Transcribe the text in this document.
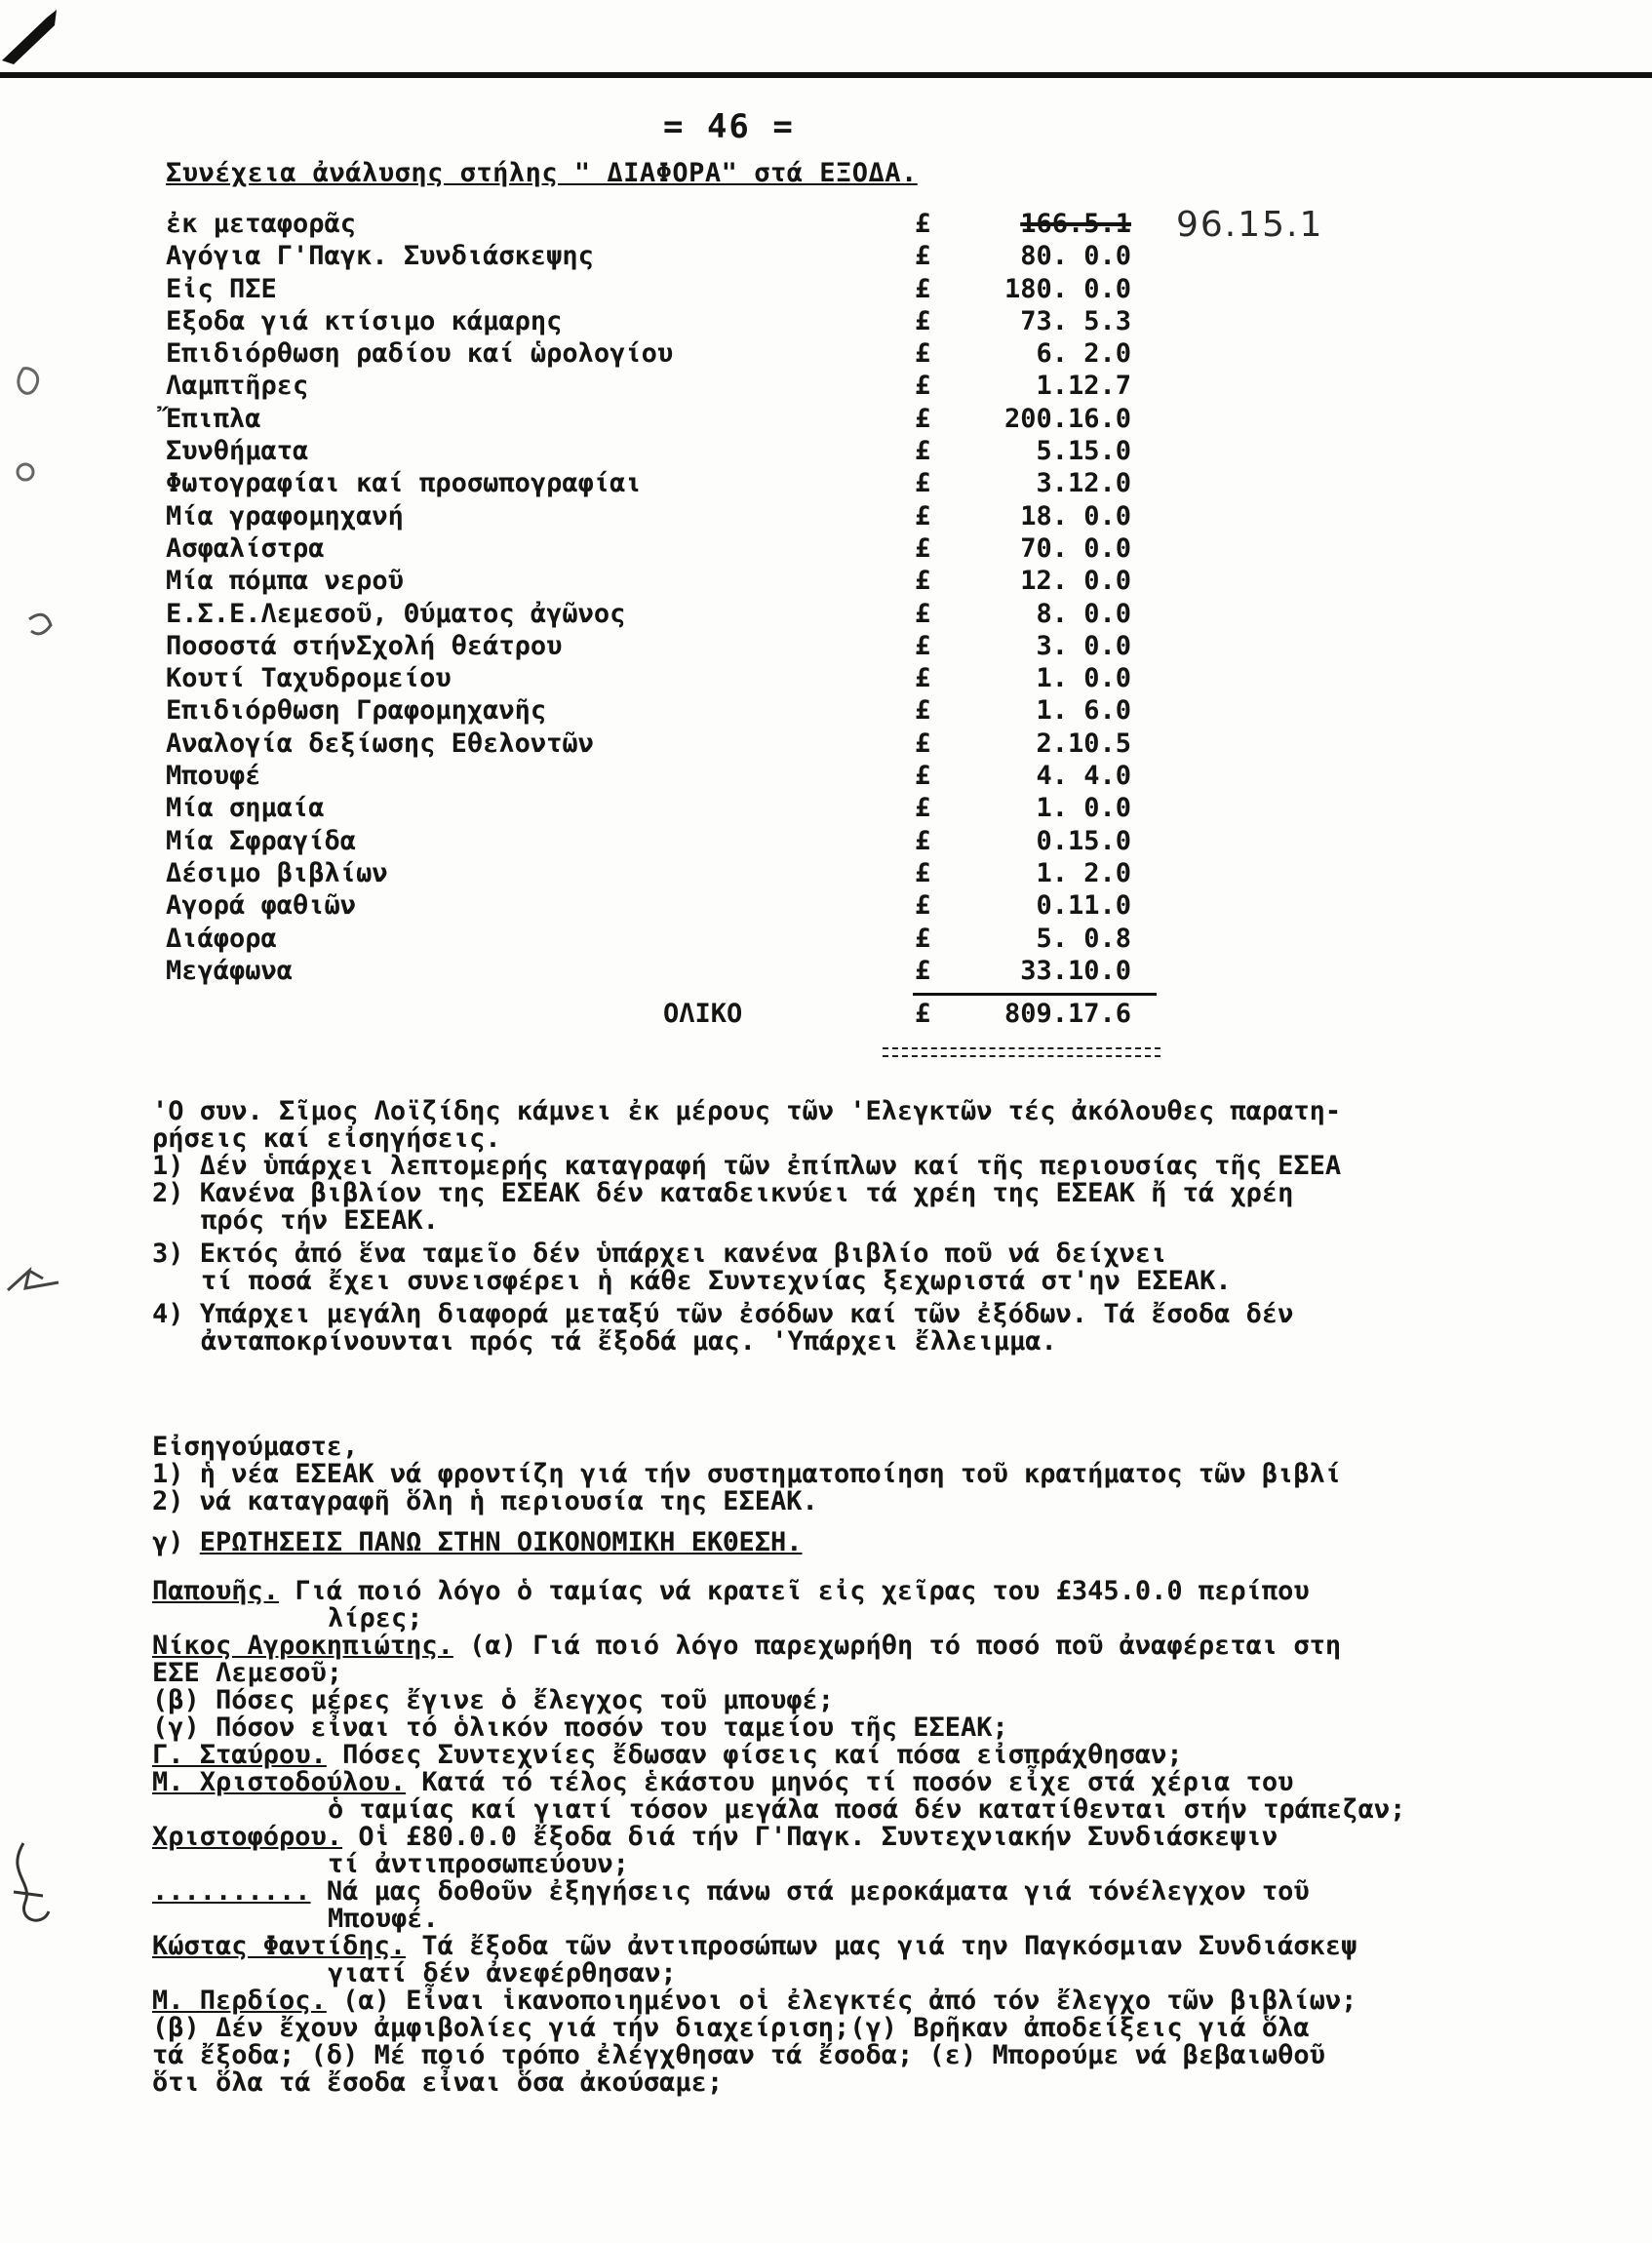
= 46 =
Συνέχεια ἀνάλυσης στήλης " ΔΙΑΦΟΡΑ" στά ΕΞΟΔΑ.
96.15.1
ἐκ μεταφορᾶς	£	166.5.1
Αγόγια Γ'Παγκ. Συνδιάσκεψης	£	80. 0.0
Εἰς ΠΣΕ	£	180. 0.0
Εξοδα γιά κτίσιμο κάμαρης	£	73. 5.3
Επιδιόρθωση ραδίου καί ὡρολογίου	£	6. 2.0
Λαμπτῆρες	£	1.12.7
Ἔπιπλα	£	200.16.0
Συνθήματα	£	5.15.0
Φωτογραφίαι καί προσωπογραφίαι	£	3.12.0
Μία γραφομηχανή	£	18. 0.0
Ασφαλίστρα	£	70. 0.0
Μία πόμπα νεροῦ	£	12. 0.0
Ε.Σ.Ε.Λεμεσοῦ, Θύματος ἀγῶνος	£	8. 0.0
Ποσοστά στήνΣχολή θεάτρου	£	3. 0.0
Κουτί Ταχυδρομείου	£	1. 0.0
Επιδιόρθωση Γραφομηχανῆς	£	1. 6.0
Αναλογία δεξίωσης Εθελοντῶν	£	2.10.5
Μπουφέ	£	4. 4.0
Μία σημαία	£	1. 0.0
Μία Σφραγίδα	£	0.15.0
Δέσιμο βιβλίων	£	1. 2.0
Αγορά φαθιῶν	£	0.11.0
Διάφορα	£	5. 0.8
Μεγάφωνα	£	33.10.0
ΟΛΙΚΟ	£	809.17.6
'Ο συν. Σῖμος Λοϊζίδης κάμνει ἐκ μέρους τῶν 'Ελεγκτῶν τές ἀκόλουθες παρατη-
ρήσεις καί εἰσηγήσεις.
1) Δέν ὑπάρχει λεπτομερής καταγραφή τῶν ἐπίπλων καί τῆς περιουσίας τῆς ΕΣΕΑ
2) Κανένα βιβλίον της ΕΣΕΑΚ δέν καταδεικνύει τά χρέη της ΕΣΕΑΚ ἤ τά χρέη
πρός τήν ΕΣΕΑΚ.
3) Εκτός ἀπό ἕνα ταμεῖο δέν ὑπάρχει κανένα βιβλίο ποῦ νά δείχνει
τί ποσά ἔχει συνεισφέρει ἡ κάθε Συντεχνίας ξεχωριστά στ'ην ΕΣΕΑΚ.
4) Υπάρχει μεγάλη διαφορά μεταξύ τῶν ἐσόδων καί τῶν ἐξόδων. Τά ἔσοδα δέν
ἀνταποκρίνουνται πρός τά ἔξοδά μας. 'Υπάρχει ἔλλειμμα.
Εἰσηγούμαστε,
1) ἡ νέα ΕΣΕΑΚ νά φροντίζη γιά τήν συστηματοποίηση τοῦ κρατήματος τῶν βιβλί
2) νά καταγραφῆ ὅλη ἡ περιουσία της ΕΣΕΑΚ.
γ) ΕΡΩΤΗΣΕΙΣ ΠΑΝΩ ΣΤΗΝ ΟΙΚΟΝΟΜΙΚΗ ΕΚΘΕΣΗ.
Παπουῆς. Γιά ποιό λόγο ὁ ταμίας νά κρατεῖ εἰς χεῖρας του £345.0.0 περίπου
λίρες;
Νίκος Αγροκηπιώτης. (α) Γιά ποιό λόγο παρεχωρήθη τό ποσό ποῦ ἀναφέρεται στη
ΕΣΕ Λεμεσοῦ;
(β) Πόσες μέρες ἔγινε ὁ ἔλεγχος τοῦ μπουφέ;
(γ) Πόσον εἶναι τό ὁλικόν ποσόν του ταμείου τῆς ΕΣΕΑΚ;
Γ. Σταύρου. Πόσες Συντεχνίες ἔδωσαν φίσεις καί πόσα εἰσπράχθησαν;
Μ. Χριστοδούλου. Κατά τό τέλος ἑκάστου μηνός τί ποσόν εἶχε στά χέρια του
ὁ ταμίας καί γιατί τόσον μεγάλα ποσά δέν κατατίθενται στήν τράπεζαν;
Χριστοφόρου. Οἱ £80.0.0 ἔξοδα διά τήν Γ'Παγκ. Συντεχνιακήν Συνδιάσκεψιν
τί ἀντιπροσωπεύουν;
.......... Νά μας δοθοῦν ἐξηγήσεις πάνω στά μεροκάματα γιά τόνέλεγχον τοῦ
Μπουφέ.
Κώστας Φαντίδης. Τά ἔξοδα τῶν ἀντιπροσώπων μας γιά την Παγκόσμιαν Συνδιάσκεψ
γιατί δέν ἀνεφέρθησαν;
Μ. Περδίος. (α) Εἶναι ἱκανοποιημένοι οἱ ἐλεγκτές ἀπό τόν ἔλεγχο τῶν βιβλίων;
(β) Δέν ἔχουν ἀμφιβολίες γιά τήν διαχείριση;(γ) Βρῆκαν ἀποδείξεις γιά ὅλα
τά ἔξοδα; (δ) Μέ ποιό τρόπο ἐλέγχθησαν τά ἔσοδα; (ε) Μπορούμε νά βεβαιωθοῦ
ὅτι ὅλα τά ἔσοδα εἶναι ὅσα ἀκούσαμε;
